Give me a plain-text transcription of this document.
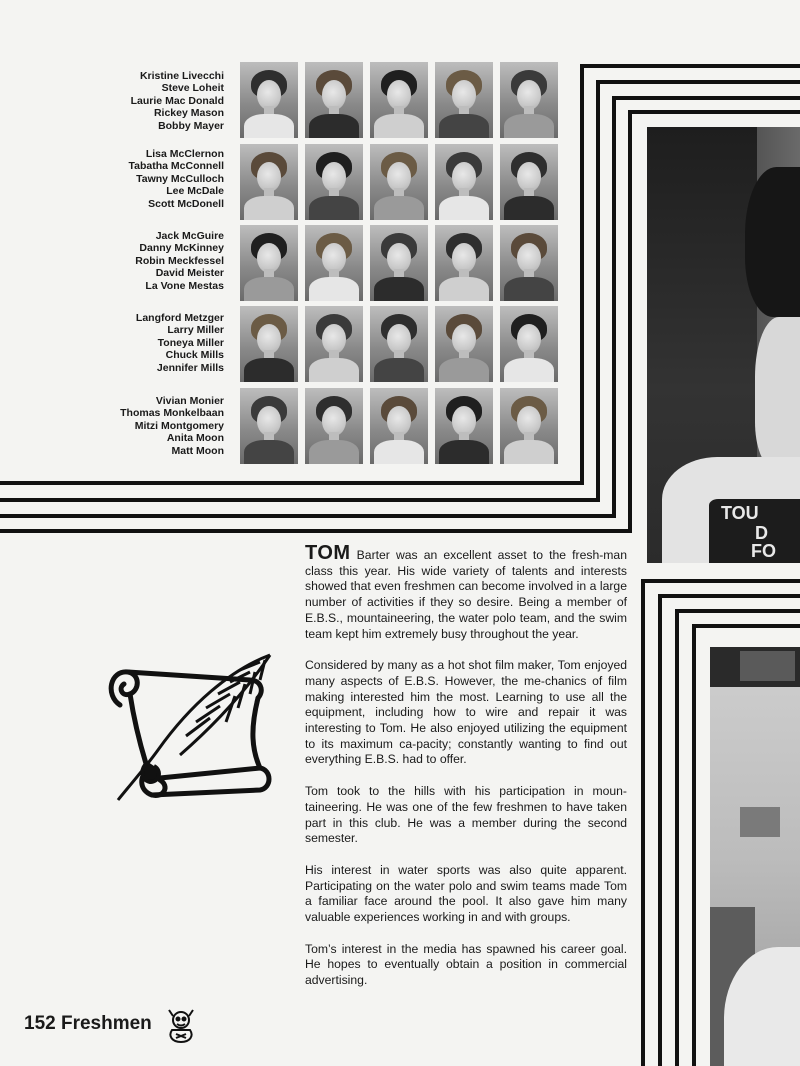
Kristine Livecchi
Steve Loheit
Laurie Mac Donald
Rickey Mason
Bobby Mayer
Lisa McClernon
Tabatha McConnell
Tawny McCulloch
Lee McDale
Scott McDonell
Jack McGuire
Danny McKinney
Robin Meckfessel
David Meister
La Vone Mestas
Langford Metzger
Larry Miller
Toneya Miller
Chuck Mills
Jennifer Mills
Vivian Monier
Thomas Monkelbaan
Mitzi Montgomery
Anita Moon
Matt Moon
TOU
D
FO

TOM Barter was an excellent asset to the fresh-man class this year. His wide variety of talents and interests showed that even freshmen can become involved in a large number of activities if they so desire. Being a member of E.B.S., mountaineering, the water polo team, and the swim team kept him extremely busy throughout the year.

Considered by many as a hot shot film maker, Tom enjoyed many aspects of E.B.S. However, the me-chanics of film making interested him the most. Learning to use all the equipment, including how to wire and repair it was interesting to Tom. He also enjoyed utilizing the equipment to its maximum ca-pacity; constantly wanting to find out everything E.B.S. had to offer.

Tom took to the hills with his participation in moun-taineering. He was one of the few freshmen to have taken part in this club. He was a member during the second semester.

His interest in water sports was also quite apparent. Participating on the water polo and swim teams made Tom a familiar face around the pool. It also gave him many valuable experiences working in and with groups.

Tom’s interest in the media has spawned his career goal. He hopes to eventually obtain a position in commercial advertising.

152 Freshmen
